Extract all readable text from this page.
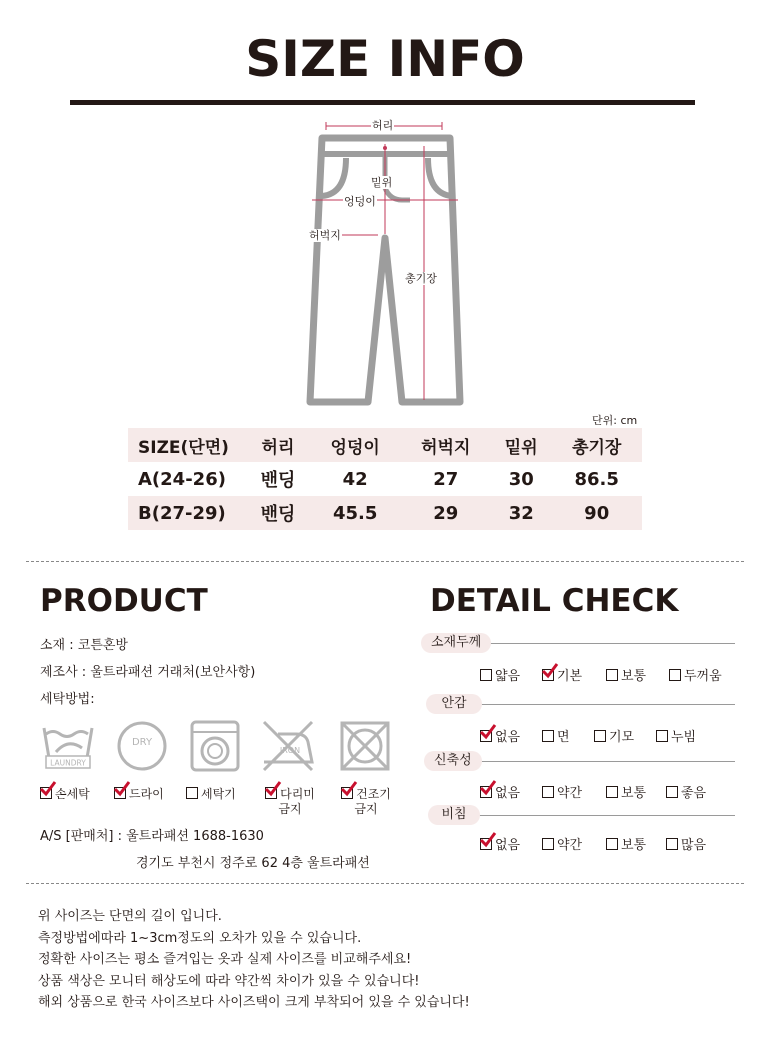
SIZE INFO
허리
밑위
엉덩이
허벅지
총기장
단위: cm
SIZE(단면)	허리	엉덩이	허벅지	밑위	총기장
A(24-26)	밴딩	42	27	30	86.5
B(27-29)	밴딩	45.5	29	32	90
PRODUCT
소재 : 코튼혼방
제조사 : 울트라패션 거래처(보안사항)
세탁방법:
LAUNDRY
DRY
IRON
손세탁	드라이	세탁기	다리미
금지
건조기
금지
A/S [판매처] : 울트라패션 1688-1630
경기도 부천시 정주로 62 4층 울트라패션
DETAIL CHECK
소재두께
얇음	기본	보통	두꺼움
안감
없음	면	기모	누빔
신축성
없음	약간	보통	좋음
비침
없음	약간	보통	많음
위 사이즈는 단면의 길이 입니다.
측정방법에따라 1~3cm정도의 오차가 있을 수 있습니다.
정확한 사이즈는 평소 즐겨입는 옷과 실제 사이즈를 비교해주세요!
상품 색상은 모니터 해상도에 따라 약간씩 차이가 있을 수 있습니다!
해외 상품으로 한국 사이즈보다 사이즈택이 크게 부착되어 있을 수 있습니다!
